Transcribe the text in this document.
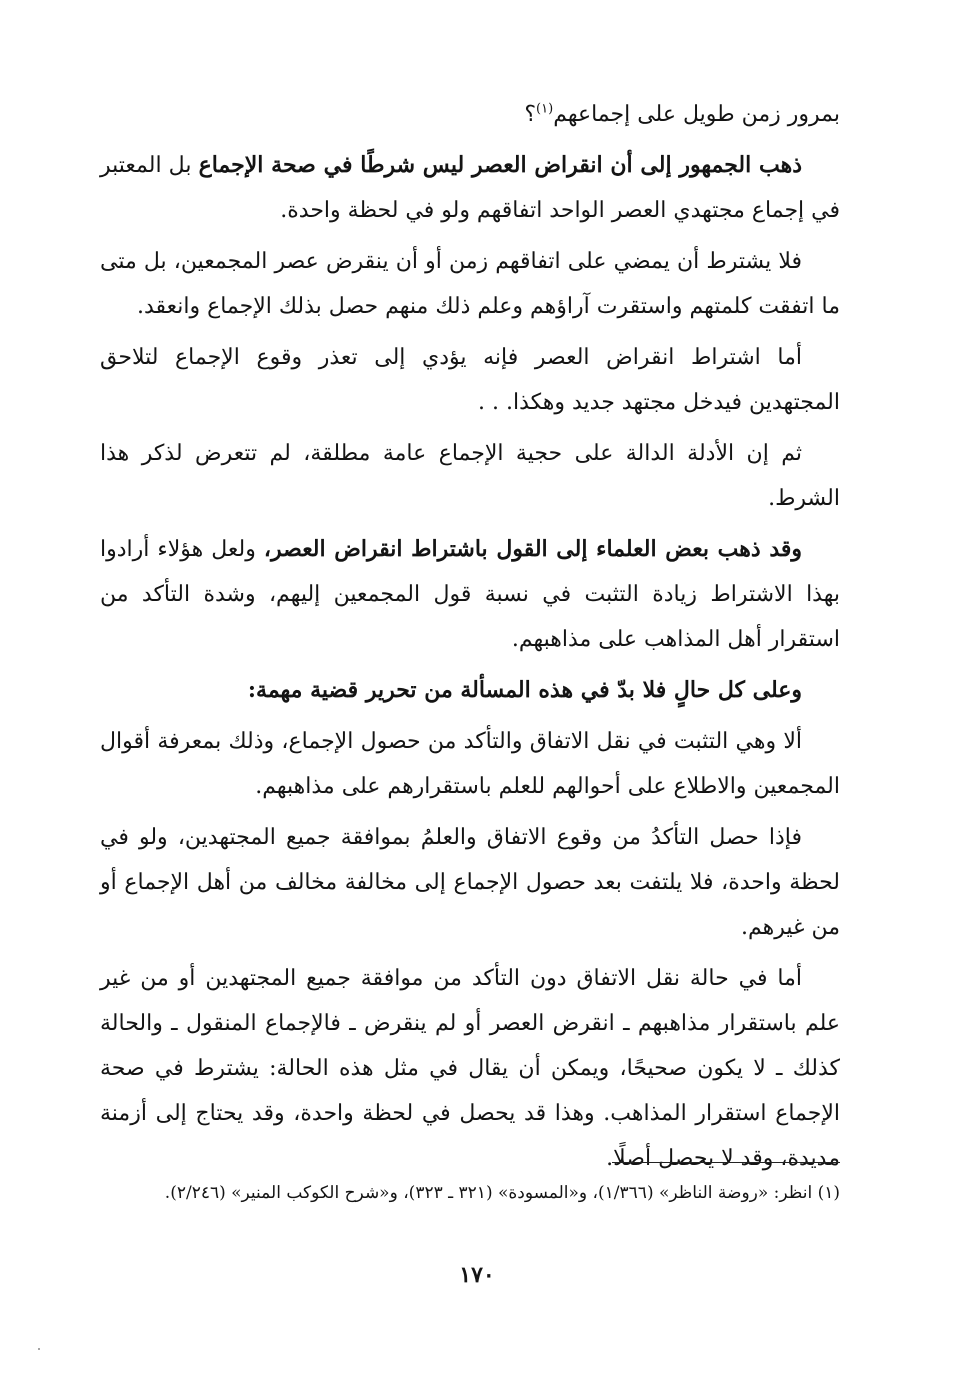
بمرور زمن طويل على إجماعهم$^{(١)}$؟

ذهب الجمهور إلى أن انقراض العصر ليس شرطًا في صحة الإجماع بل المعتبر في إجماع مجتهدي العصر الواحد اتفاقهم ولو في لحظة واحدة.

فلا يشترط أن يمضي على اتفاقهم زمن أو أن ينقرض عصر المجمعين، بل متى ما اتفقت كلمتهم واستقرت آراؤهم وعلم ذلك منهم حصل بذلك الإجماع وانعقد.

أما اشتراط انقراض العصر فإنه يؤدي إلى تعذر وقوع الإجماع لتلاحق المجتهدين فيدخل مجتهد جديد وهكذا. . .

ثم إن الأدلة الدالة على حجية الإجماع عامة مطلقة، لم تتعرض لذكر هذا الشرط.

وقد ذهب بعض العلماء إلى القول باشتراط انقراض العصر، ولعل هؤلاء أرادوا بهذا الاشتراط زيادة التثبت في نسبة قول المجمعين إليهم، وشدة التأكد من استقرار أهل المذاهب على مذاهبهم.

وعلى كل حالٍ فلا بدّ في هذه المسألة من تحرير قضية مهمة:

ألا وهي التثبت في نقل الاتفاق والتأكد من حصول الإجماع، وذلك بمعرفة أقوال المجمعين والاطلاع على أحوالهم للعلم باستقرارهم على مذاهبهم.

فإذا حصل التأكدُ من وقوع الاتفاق والعلمُ بموافقة جميع المجتهدين، ولو في لحظة واحدة، فلا يلتفت بعد حصول الإجماع إلى مخالفة مخالف من أهل الإجماع أو من غيرهم.

أما في حالة نقل الاتفاق دون التأكد من موافقة جميع المجتهدين أو من غير علم باستقرار مذاهبهم ـ انقرض العصر أو لم ينقرض ـ فالإجماع المنقول ـ والحالة كذلك ـ لا يكون صحيحًا، ويمكن أن يقال في مثل هذه الحالة: يشترط في صحة الإجماع استقرار المذاهب. وهذا قد يحصل في لحظة واحدة، وقد يحتاج إلى أزمنة مديدة، وقد لا يحصل أصلًا.

(١) انظر: «روضة الناظر» (١/٣٦٦)، و«المسودة» (٣٢١ ـ ٣٢٣)، و«شرح الكوكب المنير» (٢/٢٤٦).

١٧٠
